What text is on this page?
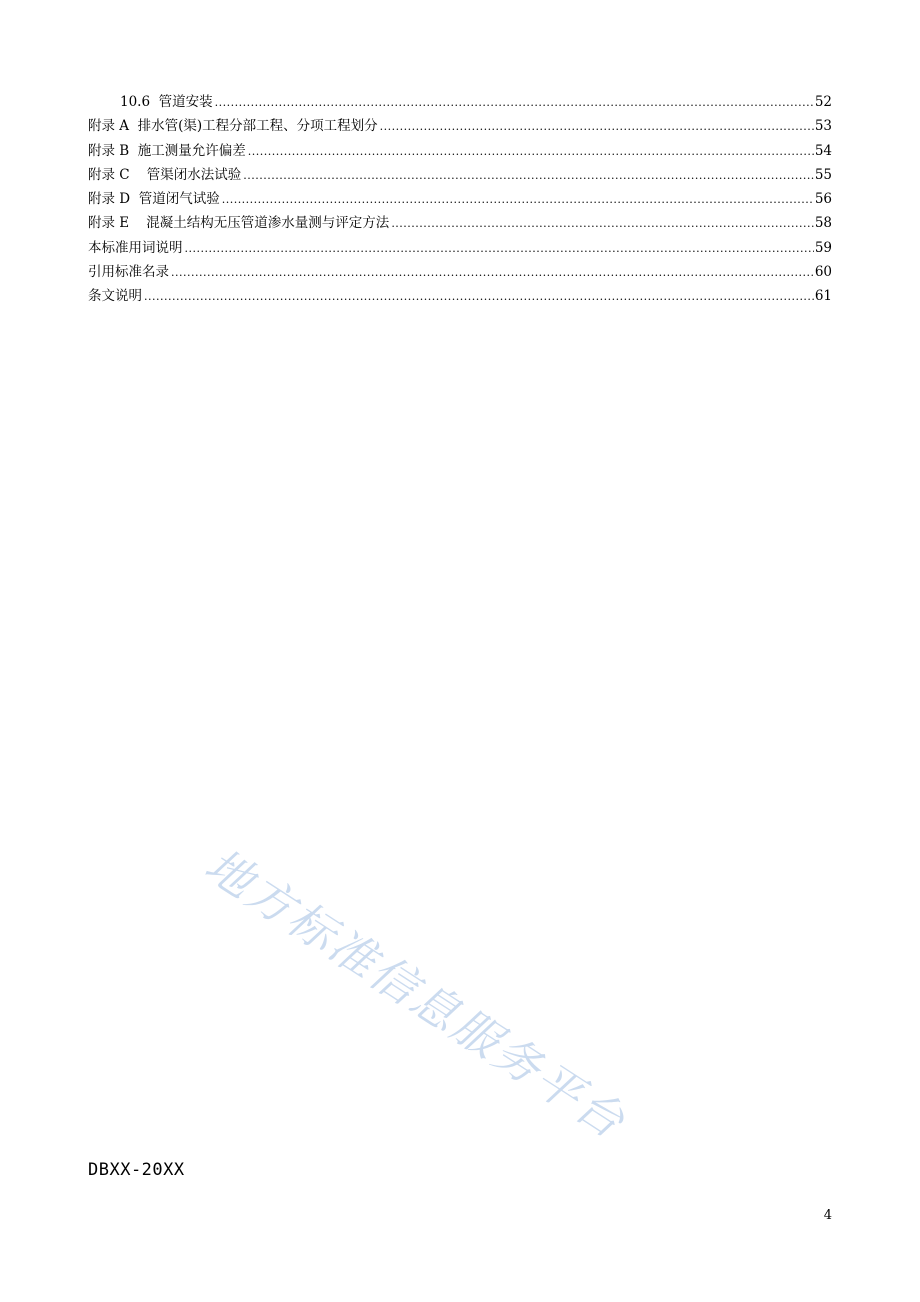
10.6  管道安装 .....	52
附录 A  排水管(渠)工程分部工程、分项工程划分 .....	53
附录 B  施工测量允许偏差 .....	54
附录 C    管渠闭水法试验 .....	55
附录 D  管道闭气试验 .....	56
附录 E    混凝土结构无压管道渗水量测与评定方法 .....	58
本标准用词说明 .....	59
引用标准名录 .....	60
条文说明 .....	61
地方标准信息服务平台
DBXX-20XX
4
